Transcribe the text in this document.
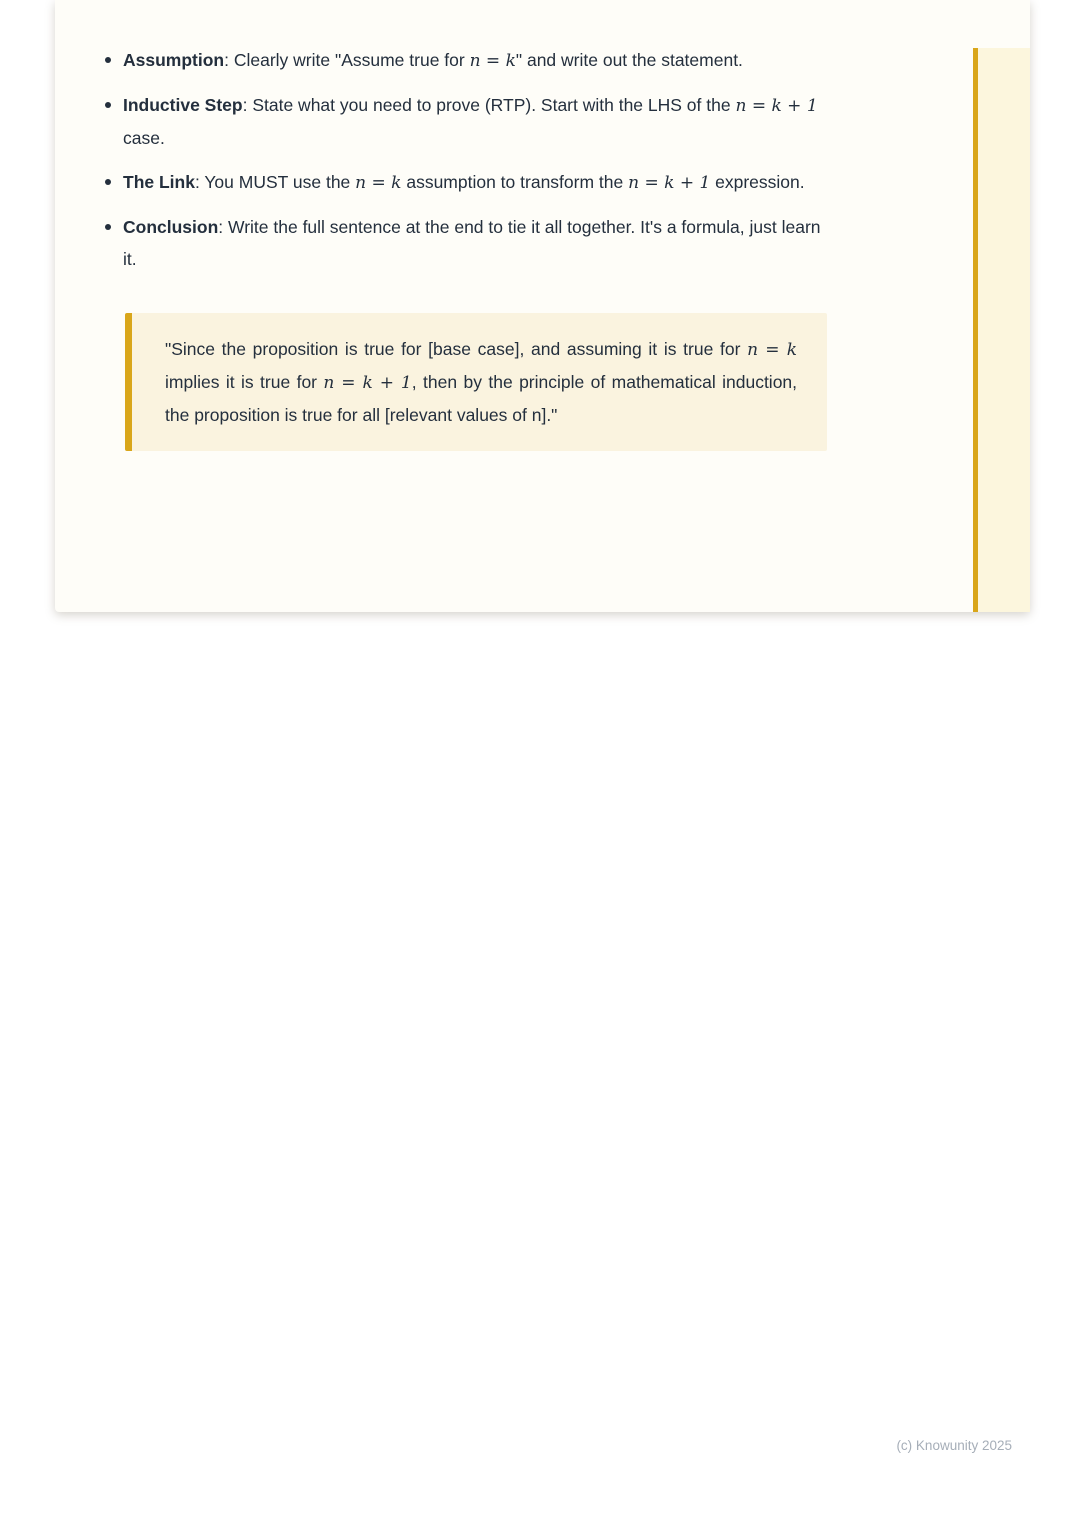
Assumption: Clearly write "Assume true for n = k" and write out the statement.
Inductive Step: State what you need to prove (RTP). Start with the LHS of the n = k + 1 case.
The Link: You MUST use the n = k assumption to transform the n = k + 1 expression.
Conclusion: Write the full sentence at the end to tie it all together. It's a formula, just learn it.
"Since the proposition is true for [base case], and assuming it is true for n = k implies it is true for n = k + 1, then by the principle of mathematical induction, the proposition is true for all [relevant values of n]."
(c) Knowunity 2025
